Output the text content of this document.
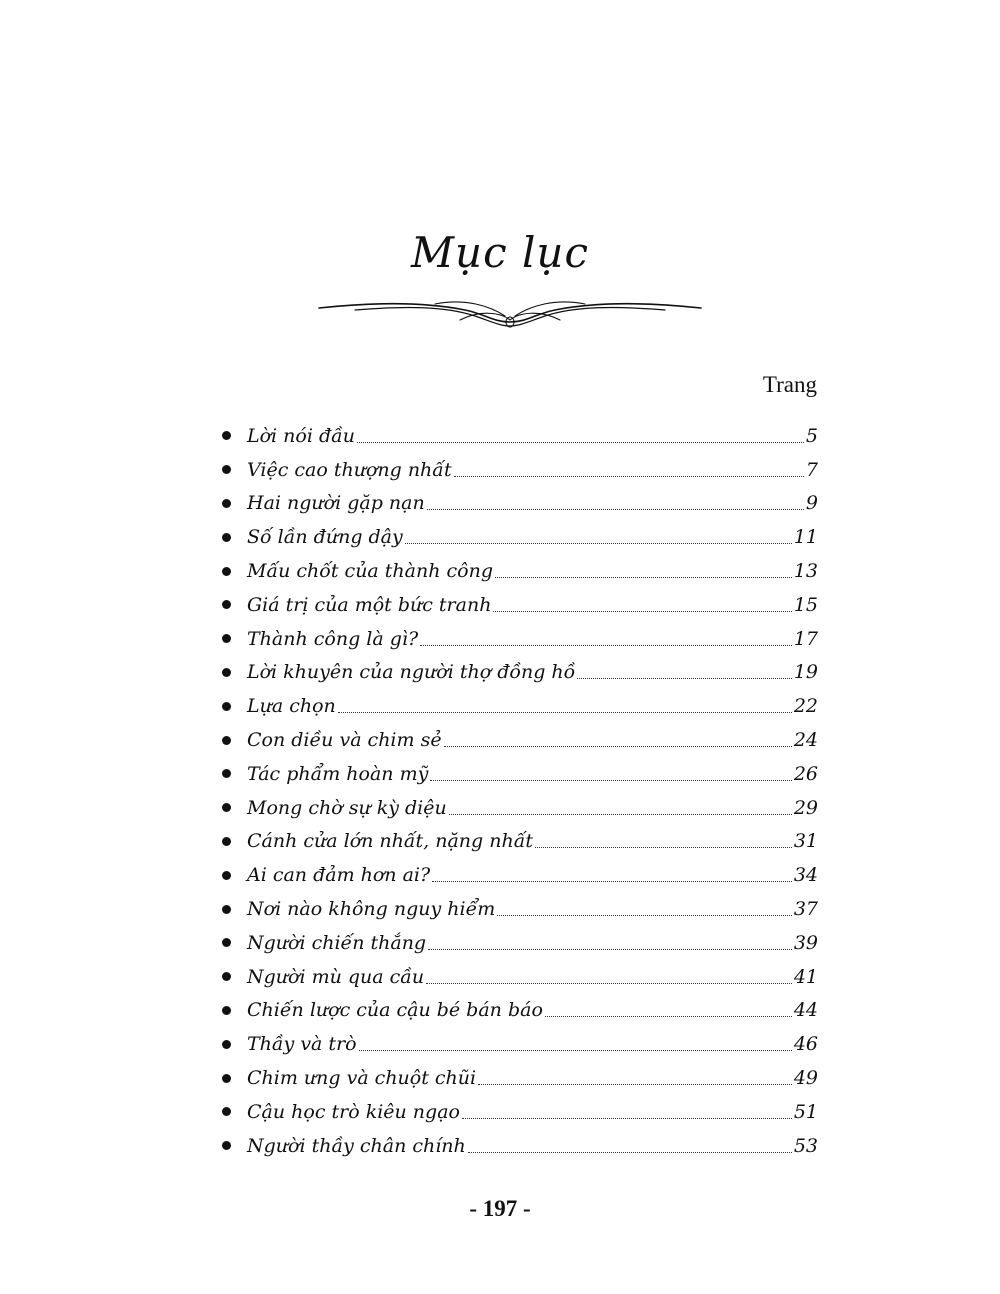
Mục lục
Trang
Lời nói đầu	5
Việc cao thượng nhất	7
Hai người gặp nạn	9
Số lần đứng dậy	11
Mấu chốt của thành công	13
Giá trị của một bức tranh	15
Thành công là gì?	17
Lời khuyên của người thợ đồng hồ	19
Lựa chọn	22
Con diều và chim sẻ	24
Tác phẩm hoàn mỹ	26
Mong chờ sự kỳ diệu	29
Cánh cửa lớn nhất, nặng nhất	31
Ai can đảm hơn ai?	34
Nơi nào không nguy hiểm	37
Người chiến thắng	39
Người mù qua cầu	41
Chiến lược của cậu bé bán báo	44
Thầy và trò	46
Chim ưng và chuột chũi	49
Cậu học trò kiêu ngạo	51
Người thầy chân chính	53
- 197 -
